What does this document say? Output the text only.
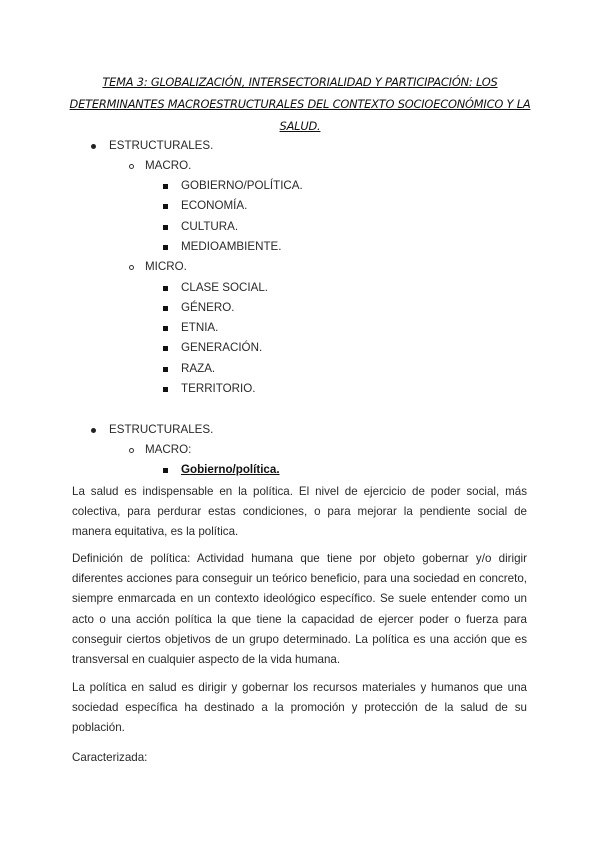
TEMA 3: GLOBALIZACIÓN, INTERSECTORIALIDAD Y PARTICIPACIÓN: LOS DETERMINANTES MACROESTRUCTURALES DEL CONTEXTO SOCIOECONÓMICO Y LA SALUD.
ESTRUCTURALES.
MACRO.
GOBIERNO/POLÍTICA.
ECONOMÍA.
CULTURA.
MEDIOAMBIENTE.
MICRO.
CLASE SOCIAL.
GÉNERO.
ETNIA.
GENERACIÓN.
RAZA.
TERRITORIO.
ESTRUCTURALES.
MACRO:
Gobierno/política.
La salud es indispensable en la política. El nivel de ejercicio de poder social, más colectiva, para perdurar estas condiciones, o para mejorar la pendiente social de manera equitativa, es la política.
Definición de política: Actividad humana que tiene por objeto gobernar y/o dirigir diferentes acciones para conseguir un teórico beneficio, para una sociedad en concreto, siempre enmarcada en un contexto ideológico específico. Se suele entender como un acto o una acción política la que tiene la capacidad de ejercer poder o fuerza para conseguir ciertos objetivos de un grupo determinado. La política es una acción que es transversal en cualquier aspecto de la vida humana.
La política en salud es dirigir y gobernar los recursos materiales y humanos que una sociedad específica ha destinado a la promoción y protección de la salud de su población.
Caracterizada:
